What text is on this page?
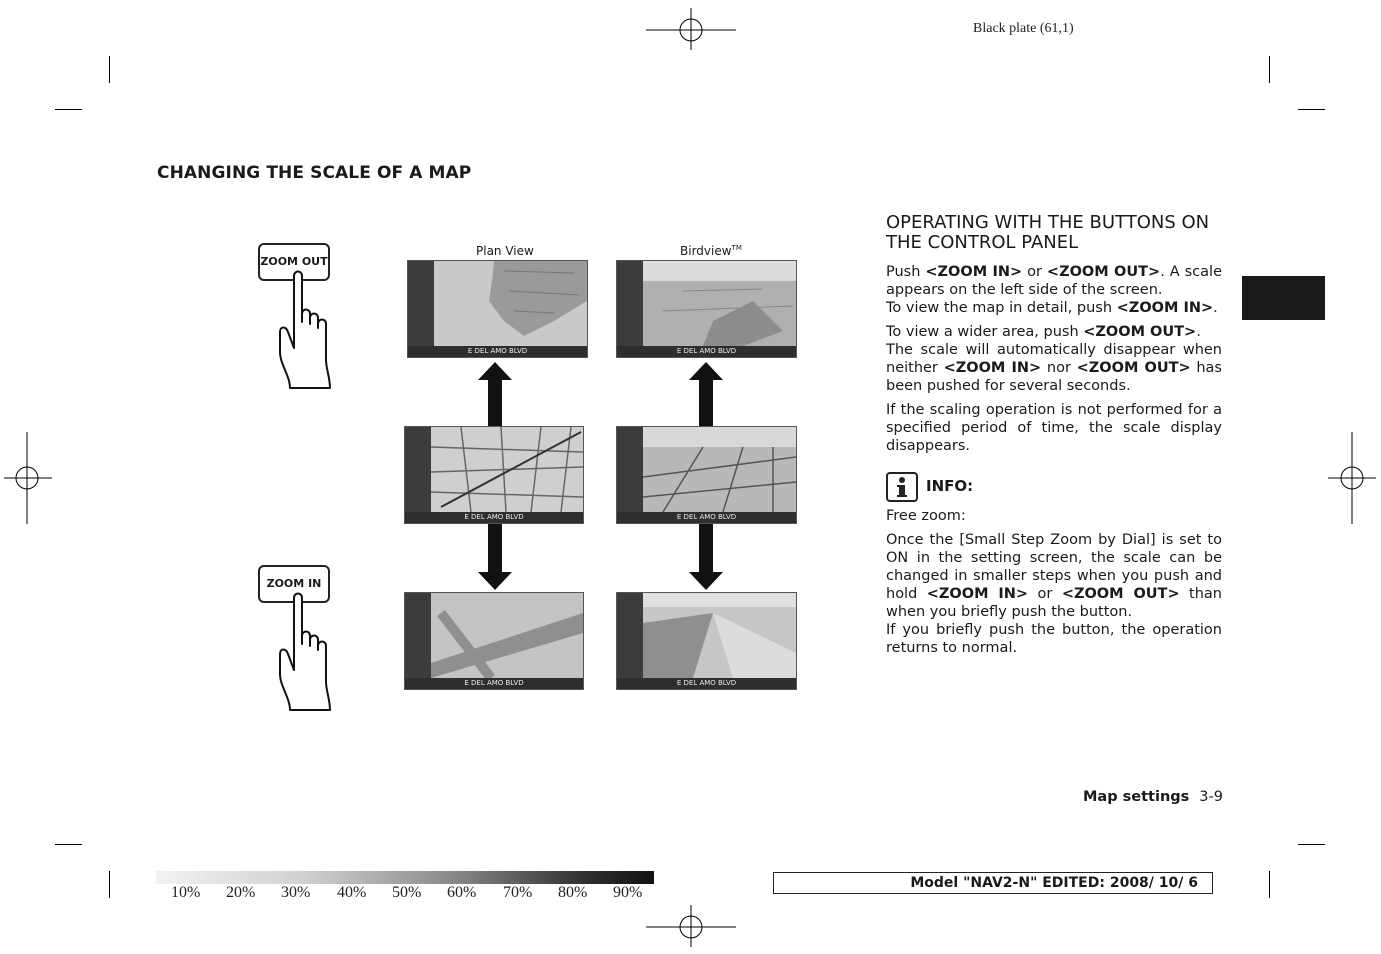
Black plate (61,1)
CHANGING THE SCALE OF A MAP
ZOOM OUT
ZOOM IN
Plan View	Birdview™
E DEL AMO BLVD	E DEL AMO BLVD
E DEL AMO BLVD	E DEL AMO BLVD
E DEL AMO BLVD	E DEL AMO BLVD
OPERATING WITH THE BUTTONS ON THE CONTROL PANEL

Push <ZOOM IN> or <ZOOM OUT>. A scale appears on the left side of the screen.

To view the map in detail, push <ZOOM IN>.

To view a wider area, push <ZOOM OUT>.

The scale will automatically disappear when neither <ZOOM IN> nor <ZOOM OUT> has been pushed for several seconds.

If the scaling operation is not performed for a specified period of time, the scale display disappears.

INFO:

Free zoom:

Once the [Small Step Zoom by Dial] is set to ON in the setting screen, the scale can be changed in smaller steps when you push and hold <ZOOM IN> or <ZOOM OUT> than when you briefly push the button.

If you briefly push the button, the operation returns to normal.

Map settings 3-9
10% 20% 30% 40% 50% 60% 70% 80% 90%
Model "NAV2-N" EDITED: 2008/ 10/ 6
